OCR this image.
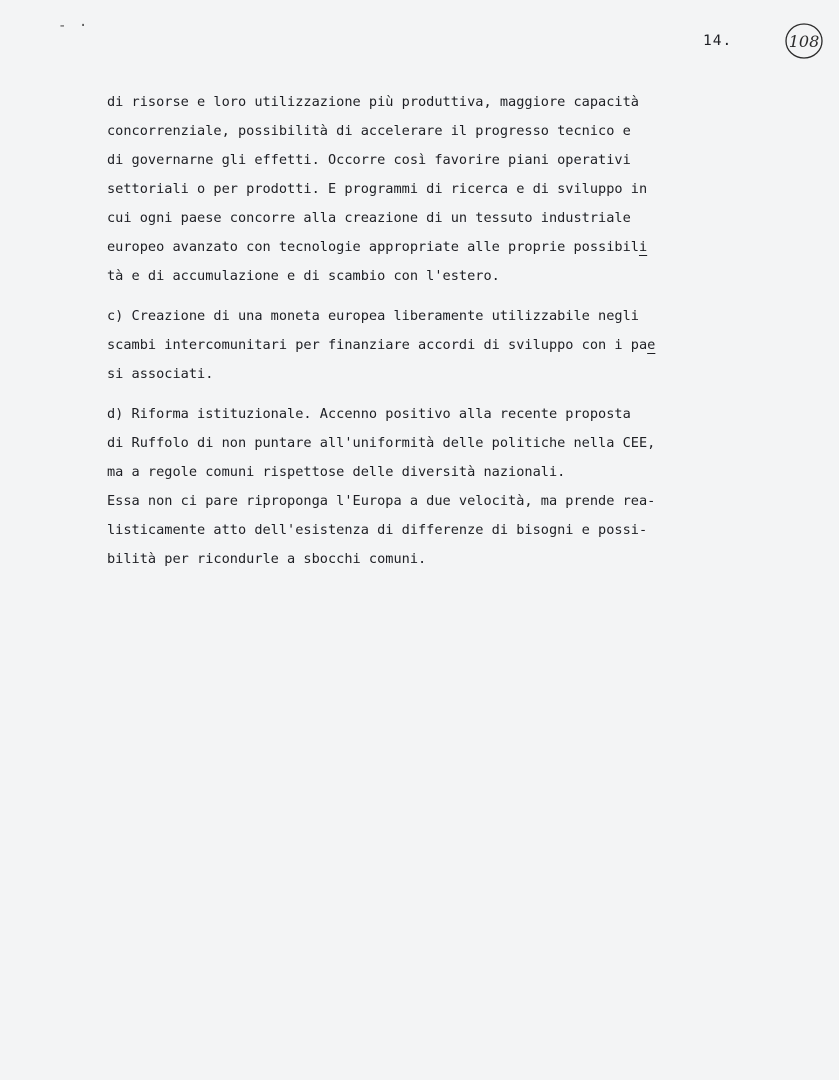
- ·
14.	108
di risorse e loro utilizzazione più produttiva, maggiore capacità
concorrenziale, possibilità di accelerare il progresso tecnico e
di governarne gli effetti. Occorre così favorire piani operativi
settoriali o per prodotti. E programmi di ricerca e di sviluppo in
cui ogni paese concorre alla creazione di un tessuto industriale
europeo avanzato con tecnologie appropriate alle proprie possibili
tà e di accumulazione e di scambio con l'estero.
c) Creazione di una moneta europea liberamente utilizzabile negli
scambi intercomunitari per finanziare accordi di sviluppo con i pae
si associati.
d) Riforma istituzionale. Accenno positivo alla recente proposta
di Ruffolo di non puntare all'uniformità delle politiche nella CEE,
ma a regole comuni rispettose delle diversità nazionali.
Essa non ci pare riproponga l'Europa a due velocità, ma prende rea-
listicamente atto dell'esistenza di differenze di bisogni e possi-
bilità per ricondurle a sbocchi comuni.
